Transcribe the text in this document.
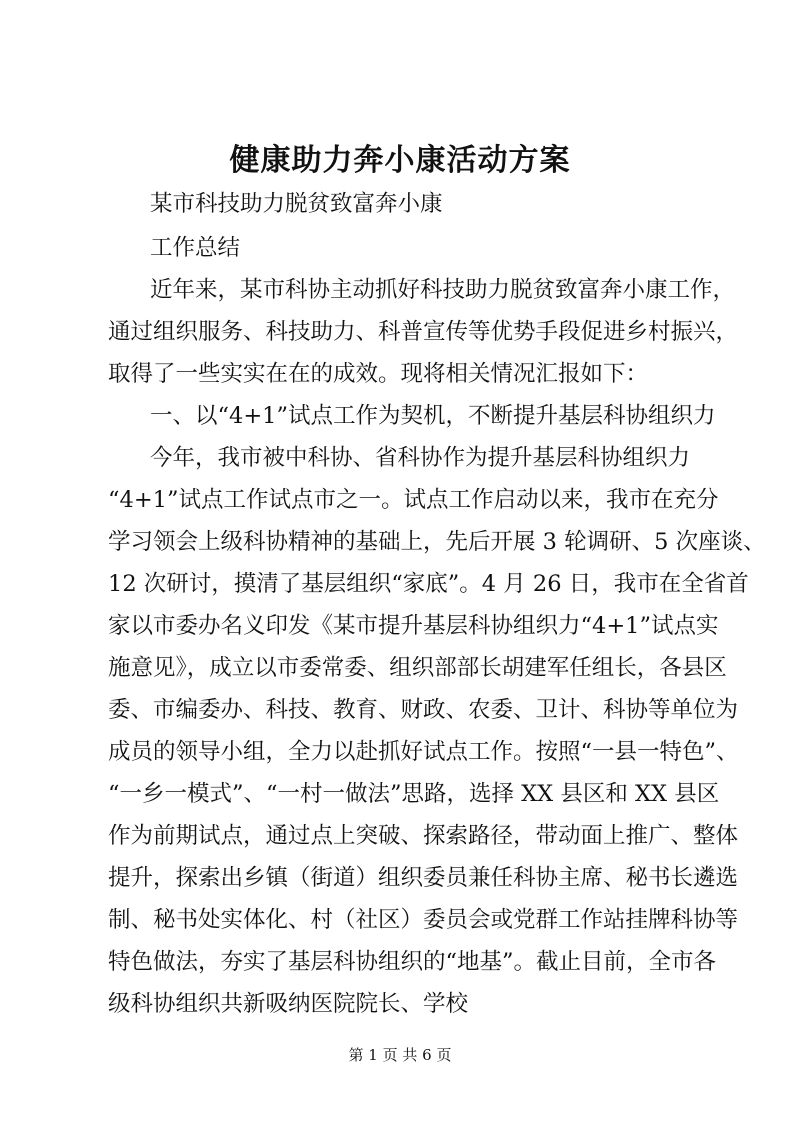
健康助力奔小康活动方案

某市科技助力脱贫致富奔小康

工作总结

近年来，某市科协主动抓好科技助力脱贫致富奔小康工作，

通过组织服务、科技助力、科普宣传等优势手段促进乡村振兴，

取得了一些实实在在的成效。现将相关情况汇报如下：

一、以“4+1”试点工作为契机，不断提升基层科协组织力

今年，我市被中科协、省科协作为提升基层科协组织力

“4+1”试点工作试点市之一。试点工作启动以来，我市在充分

学习领会上级科协精神的基础上，先后开展 3 轮调研、5 次座谈、

12 次研讨，摸清了基层组织“家底”。4 月 26 日，我市在全省首

家以市委办名义印发《某市提升基层科协组织力“4+1”试点实

施意见》，成立以市委常委、组织部部长胡建军任组长，各县区

委、市编委办、科技、教育、财政、农委、卫计、科协等单位为

成员的领导小组，全力以赴抓好试点工作。按照“一县一特色”、

“一乡一模式”、“一村一做法”思路，选择 XX 县区和 XX 县区

作为前期试点，通过点上突破、探索路径，带动面上推广、整体

提升，探索出乡镇（街道）组织委员兼任科协主席、秘书长遴选

制、秘书处实体化、村（社区）委员会或党群工作站挂牌科协等

特色做法，夯实了基层科协组织的“地基”。截止目前，全市各

级科协组织共新吸纳医院院长、学校

第 1 页 共 6 页
